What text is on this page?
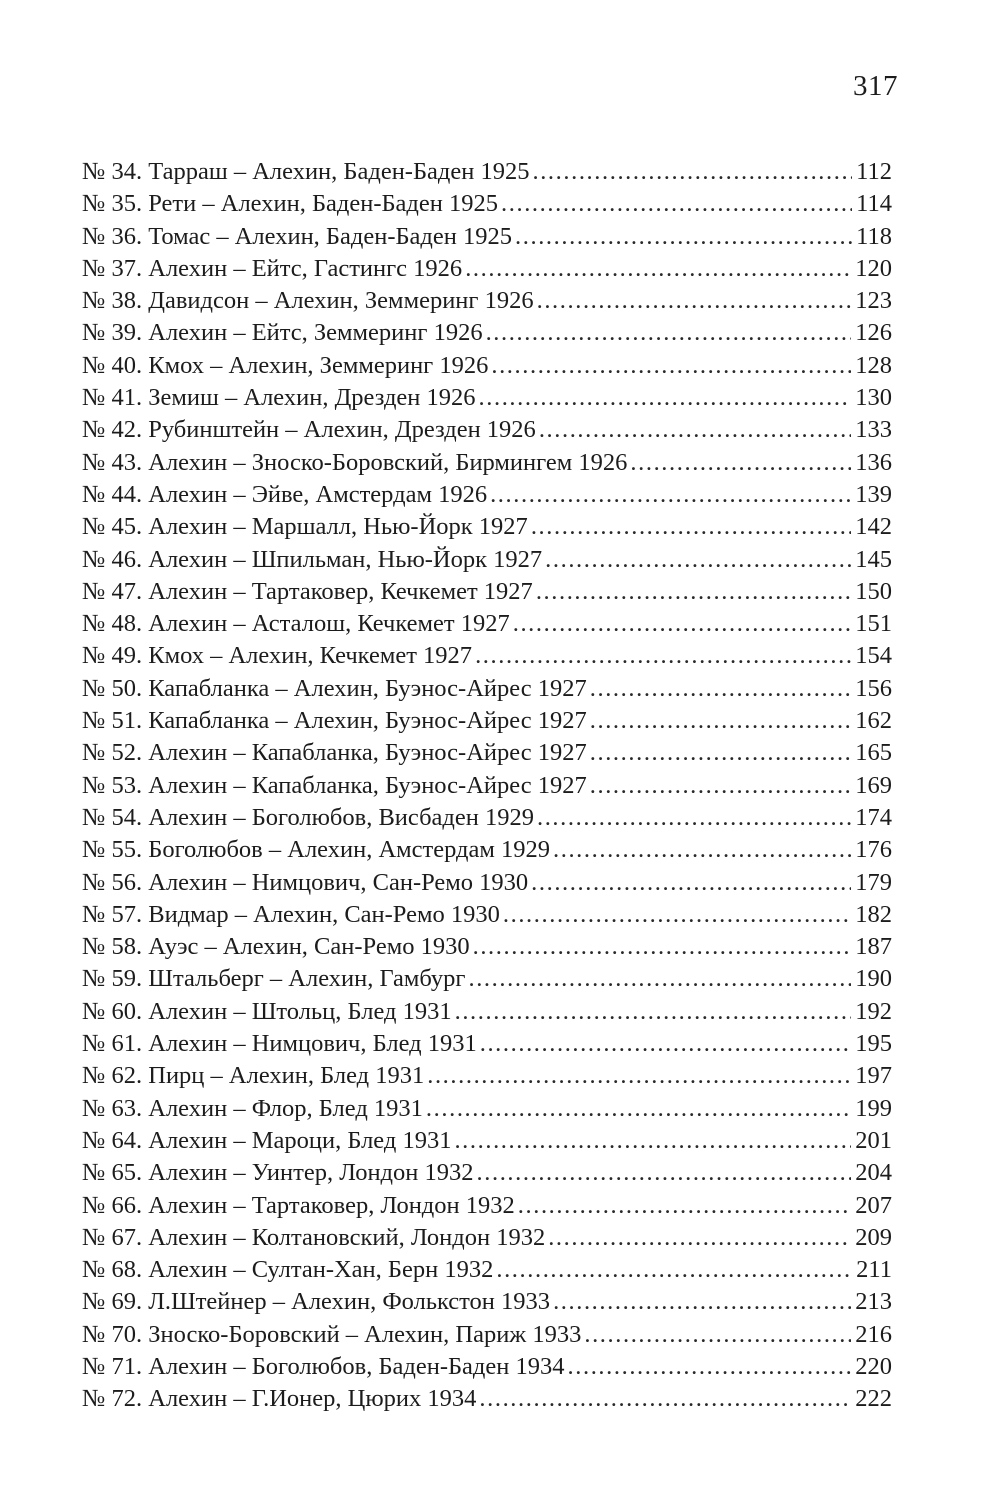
317
№ 34. Тарраш – Алехин, Баден-Баден 1925 .....	112
№ 35. Рети – Алехин, Баден-Баден 1925 .....	114
№ 36. Томас – Алехин, Баден-Баден 1925 .....	118
№ 37. Алехин – Ейтс, Гастингс 1926 .....	120
№ 38. Давидсон – Алехин, Земмеринг 1926 .....	123
№ 39. Алехин – Ейтс, Земмеринг 1926 .....	126
№ 40. Кмох – Алехин, Земмеринг 1926 .....	128
№ 41. Земиш – Алехин, Дрезден 1926 .....	130
№ 42. Рубинштейн – Алехин, Дрезден 1926 .....	133
№ 43. Алехин – Зноско-Боровский, Бирмингем 1926 .....	136
№ 44. Алехин – Эйве, Амстердам 1926 .....	139
№ 45. Алехин – Маршалл, Нью-Йорк 1927 .....	142
№ 46. Алехин – Шпильман, Нью-Йорк 1927 .....	145
№ 47. Алехин – Тартаковер, Кечкемет 1927 .....	150
№ 48. Алехин – Асталош, Кечкемет 1927 .....	151
№ 49. Кмох – Алехин, Кечкемет 1927 .....	154
№ 50. Капабланка – Алехин, Буэнос-Айрес 1927 .....	156
№ 51. Капабланка – Алехин, Буэнос-Айрес 1927 .....	162
№ 52. Алехин – Капабланка, Буэнос-Айрес 1927 .....	165
№ 53. Алехин – Капабланка, Буэнос-Айрес 1927 .....	169
№ 54. Алехин – Боголюбов, Висбаден 1929 .....	174
№ 55. Боголюбов – Алехин, Амстердам 1929 .....	176
№ 56. Алехин – Нимцович, Сан-Ремо 1930 .....	179
№ 57. Видмар – Алехин, Сан-Ремо 1930 .....	182
№ 58. Ауэс – Алехин, Сан-Ремо 1930 .....	187
№ 59. Штальберг – Алехин, Гамбург .....	190
№ 60. Алехин – Штольц, Блед 1931 .....	192
№ 61. Алехин – Нимцович, Блед 1931 .....	195
№ 62. Пирц – Алехин, Блед 1931 .....	197
№ 63. Алехин – Флор, Блед 1931 .....	199
№ 64. Алехин – Мароци, Блед 1931 .....	201
№ 65. Алехин – Уинтер, Лондон 1932 .....	204
№ 66. Алехин – Тартаковер, Лондон 1932 .....	207
№ 67. Алехин – Колтановский, Лондон 1932 .....	209
№ 68. Алехин – Султан-Хан, Берн 1932 .....	211
№ 69. Л.Штейнер – Алехин, Фолькстон 1933 .....	213
№ 70. Зноско-Боровский – Алехин, Париж 1933 .....	216
№ 71. Алехин – Боголюбов, Баден-Баден 1934 .....	220
№ 72. Алехин – Г.Ионер, Цюрих 1934 .....	222
